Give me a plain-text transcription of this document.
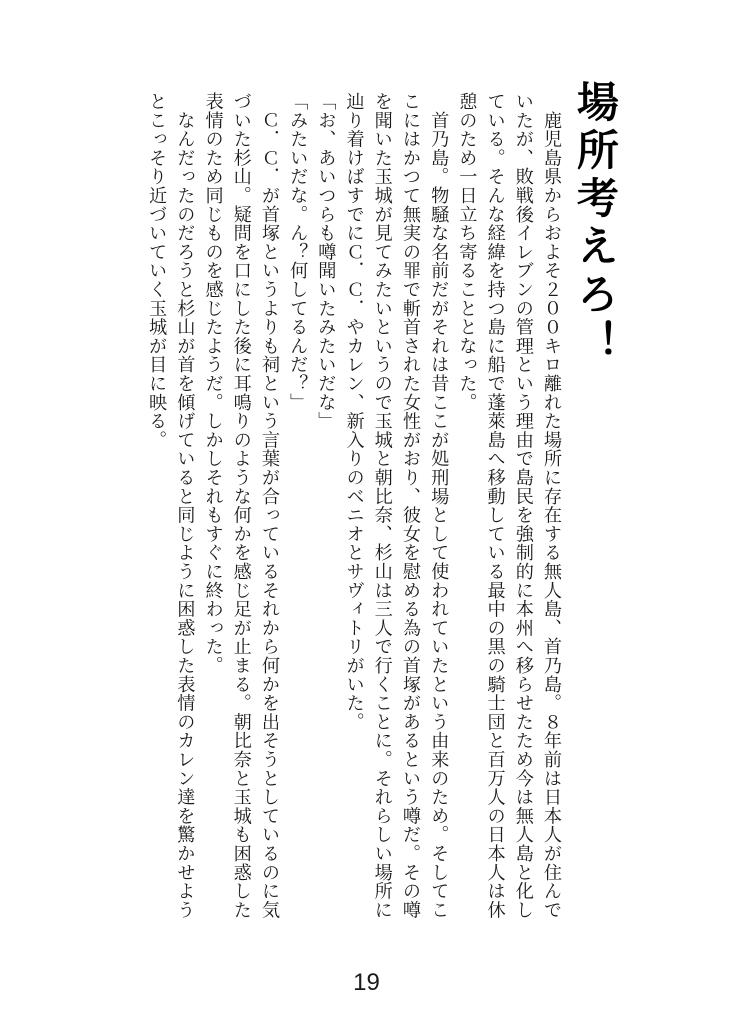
場所考えろ！

　鹿児島県からおよそ２００キロ離れた場所に存在する無人島、首乃島。８年前は日本人が住んでいたが、敗戦後イレブンの管理という理由で島民を強制的に本州へ移らせたため今は無人島と化している。そんな経緯を持つ島に船で蓬萊島へ移動している最中の黒の騎士団と百万人の日本人は休憩のため一日立ち寄ることとなった。

　首乃島。物騒な名前だがそれは昔ここが処刑場として使われていたという由来のため。そしてここにはかつて無実の罪で斬首された女性がおり、彼女を慰める為の首塚があるという噂だ。その噂を聞いた玉城が見てみたいというので玉城と朝比奈、杉山は三人で行くことに。それらしい場所に辿り着けばすでにＣ．Ｃ．やカレン、新入りのベニオとサヴィトリがいた。

「お、あいつらも噂聞いたみたいだな」

「みたいだな。ん？何してるんだ？」

　Ｃ．Ｃ．が首塚というよりも祠という言葉が合っているそれから何かを出そうとしているのに気づいた杉山。疑問を口にした後に耳鳴りのような何かを感じ足が止まる。朝比奈と玉城も困惑した表情のため同じものを感じたようだ。しかしそれもすぐに終わった。

　なんだったのだろうと杉山が首を傾げていると同じように困惑した表情のカレン達を驚かせようとこっそり近づいていく玉城が目に映る。

19
